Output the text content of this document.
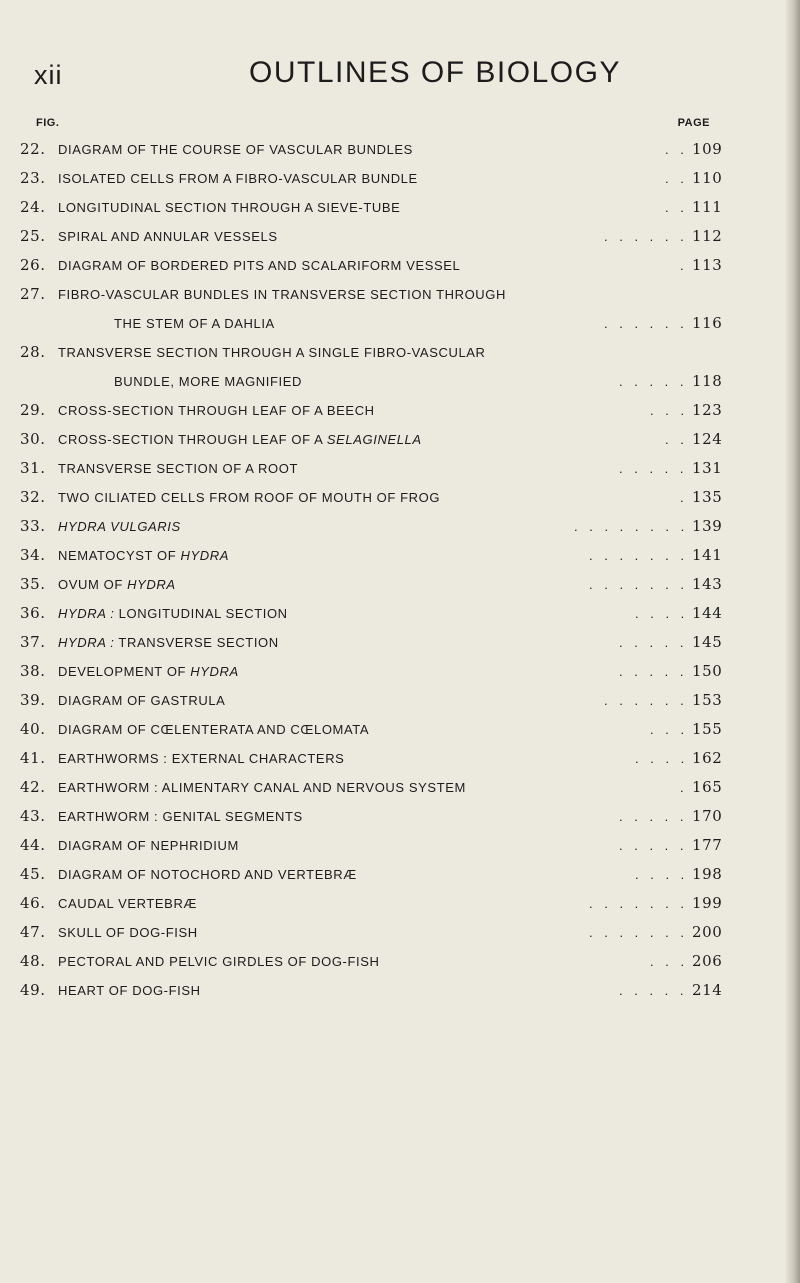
xii	OUTLINES OF BIOLOGY
FIG.	PAGE
22. DIAGRAM OF THE COURSE OF VASCULAR BUNDLES	109
. .
23. ISOLATED CELLS FROM A FIBRO-VASCULAR BUNDLE	110
. .
24. LONGITUDINAL SECTION THROUGH A SIEVE-TUBE	111
. .
25. SPIRAL AND ANNULAR VESSELS	112
. . . . . .
26. DIAGRAM OF BORDERED PITS AND SCALARIFORM VESSEL	113
.
27. FIBRO-VASCULAR BUNDLES IN TRANSVERSE SECTION THROUGH
THE STEM OF A DAHLIA	116
. . . . . .
28. TRANSVERSE SECTION THROUGH A SINGLE FIBRO-VASCULAR
BUNDLE, MORE MAGNIFIED	118
. . . . .
29. CROSS-SECTION THROUGH LEAF OF A BEECH	123
. . .
30. CROSS-SECTION THROUGH LEAF OF A SELAGINELLA	124
. .
31. TRANSVERSE SECTION OF A ROOT	131
. . . . .
32. TWO CILIATED CELLS FROM ROOF OF MOUTH OF FROG	135
.
33. HYDRA VULGARIS	139
. . . . . . . .
34. NEMATOCYST OF HYDRA	141
. . . . . . .
35. OVUM OF HYDRA	143
. . . . . . .
36. HYDRA : LONGITUDINAL SECTION	144
. . . .
37. HYDRA : TRANSVERSE SECTION	145
. . . . .
38. DEVELOPMENT OF HYDRA	150
. . . . .
39. DIAGRAM OF GASTRULA	153
. . . . . .
40. DIAGRAM OF CŒLENTERATA AND CŒLOMATA	155
. . .
41. EARTHWORMS : EXTERNAL CHARACTERS	162
. . . .
42. EARTHWORM : ALIMENTARY CANAL AND NERVOUS SYSTEM	165
.
43. EARTHWORM : GENITAL SEGMENTS	170
. . . . .
44. DIAGRAM OF NEPHRIDIUM	177
. . . . .
45. DIAGRAM OF NOTOCHORD AND VERTEBRÆ	198
. . . .
46. CAUDAL VERTEBRÆ	199
. . . . . . .
47. SKULL OF DOG-FISH	200
. . . . . . .
48. PECTORAL AND PELVIC GIRDLES OF DOG-FISH	206
. . .
49. HEART OF DOG-FISH	214
. . . . .
